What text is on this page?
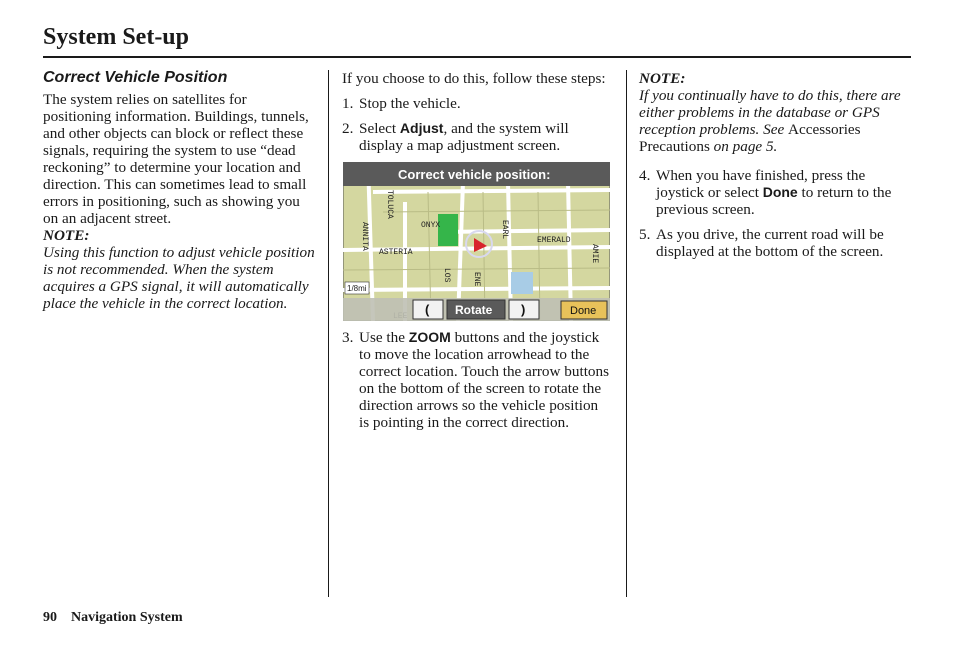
System Set-up
Correct Vehicle Position

The system relies on satellites for positioning information. Buildings, tunnels, and other objects can block or reflect these signals, requiring the system to use “dead reckoning” to determine your location and direction. This can sometimes lead to small errors in positioning, such as showing you on an adjacent street.

NOTE:

Using this function to adjust vehicle position is not recommended. When the system acquires a GPS signal, it will automatically place the vehicle in the correct location.

If you choose to do this, follow these steps:

1. Stop the vehicle.
2. Select Adjust, and the system will display a map adjustment screen.
Correct vehicle position:
ASTERIA
ONYX
EMERALD
ANNITA
TOLUCA
EARL
AMIE
LOS	ENE
1/8mi
( Rotate )	Done
3. Use the ZOOM buttons and the joystick to move the location arrowhead to the correct location. Touch the arrow buttons on the bottom of the screen to rotate the direction arrows so the vehicle position is pointing in the correct direction.

NOTE:

If you continually have to do this, there are either problems in the database or GPS reception problems. See Accessories Precautions on page 5.

4. When you have finished, press the joystick or select Done to return to the previous screen.
5. As you drive, the current road will be displayed at the bottom of the screen.
90 Navigation System
